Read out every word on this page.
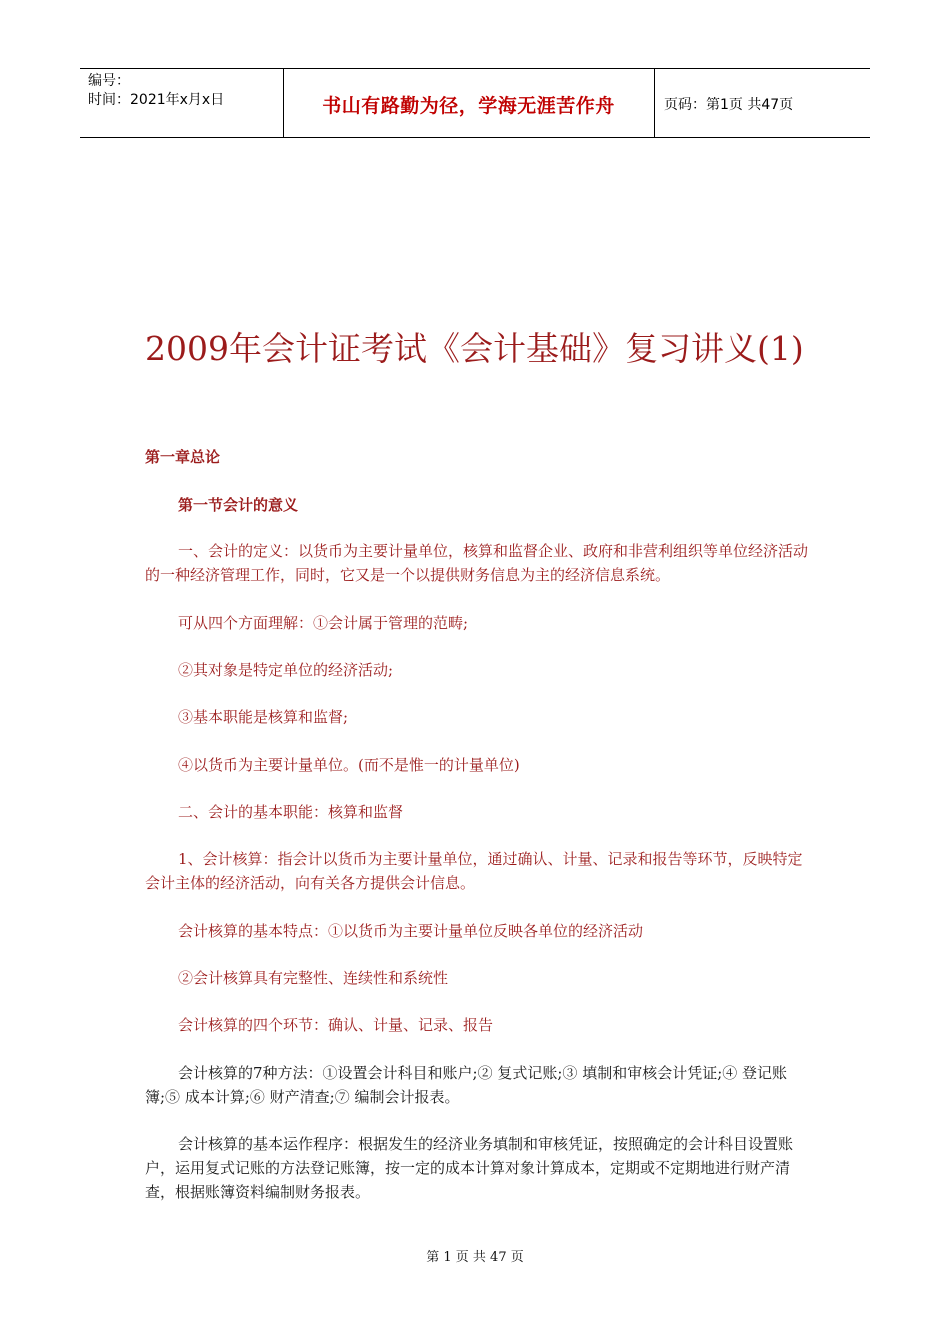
编号：
时间：2021年x月x日	书山有路勤为径，学海无涯苦作舟	页码：第1页 共47页
2009年会计证考试《会计基础》复习讲义(1)
第一章总论
第一节会计的意义
一、会计的定义：以货币为主要计量单位，核算和监督企业、政府和非营利组织等单位经济活动的一种经济管理工作，同时，它又是一个以提供财务信息为主的经济信息系统。
可从四个方面理解：①会计属于管理的范畴;
②其对象是特定单位的经济活动;
③基本职能是核算和监督;
④以货币为主要计量单位。(而不是惟一的计量单位)
二、会计的基本职能：核算和监督
1、会计核算：指会计以货币为主要计量单位，通过确认、计量、记录和报告等环节，反映特定会计主体的经济活动，向有关各方提供会计信息。
会计核算的基本特点：①以货币为主要计量单位反映各单位的经济活动
②会计核算具有完整性、连续性和系统性
会计核算的四个环节：确认、计量、记录、报告
会计核算的7种方法：①设置会计科目和账户;② 复式记账;③ 填制和审核会计凭证;④ 登记账簿;⑤ 成本计算;⑥ 财产清查;⑦ 编制会计报表。
会计核算的基本运作程序：根据发生的经济业务填制和审核凭证，按照确定的会计科目设置账户，运用复式记账的方法登记账簿，按一定的成本计算对象计算成本，定期或不定期地进行财产清查，根据账簿资料编制财务报表。
第 1 页 共 47 页
